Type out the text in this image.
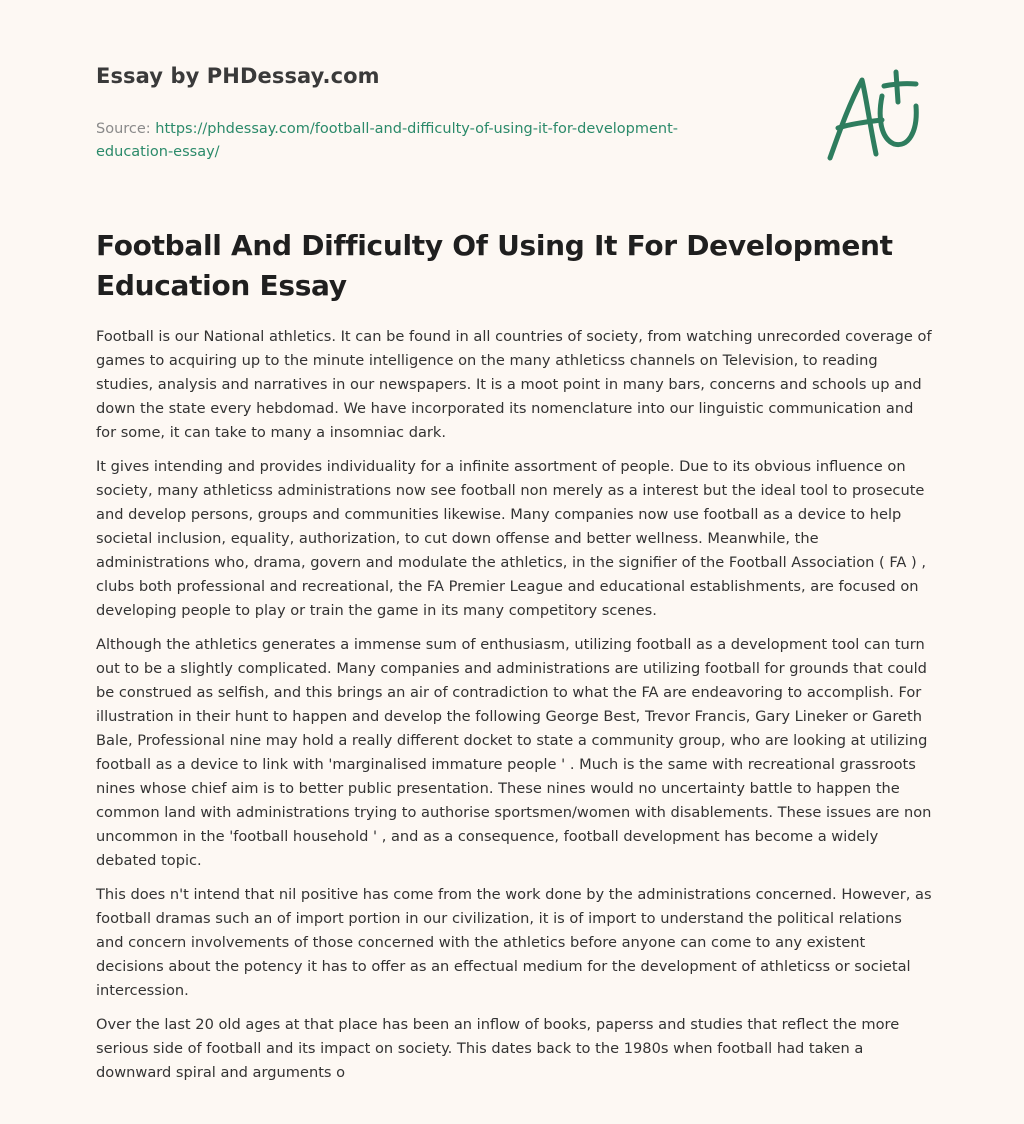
Essay by PHDessay.com
Source: https://phdessay.com/football-and-difficulty-of-using-it-for-development-education-essay/
Football And Difficulty Of Using It For Development Education Essay

Football is our National athletics. It can be found in all countries of society, from watching unrecorded coverage of games to acquiring up to the minute intelligence on the many athleticss channels on Television, to reading studies, analysis and narratives in our newspapers. It is a moot point in many bars, concerns and schools up and down the state every hebdomad. We have incorporated its nomenclature into our linguistic communication and for some, it can take to many a insomniac dark.

It gives intending and provides individuality for a infinite assortment of people. Due to its obvious influence on society, many athleticss administrations now see football non merely as a interest but the ideal tool to prosecute and develop persons, groups and communities likewise. Many companies now use football as a device to help societal inclusion, equality, authorization, to cut down offense and better wellness. Meanwhile, the administrations who, drama, govern and modulate the athletics, in the signifier of the Football Association ( FA ) , clubs both professional and recreational, the FA Premier League and educational establishments, are focused on developing people to play or train the game in its many competitory scenes.

Although the athletics generates a immense sum of enthusiasm, utilizing football as a development tool can turn out to be a slightly complicated. Many companies and administrations are utilizing football for grounds that could be construed as selfish, and this brings an air of contradiction to what the FA are endeavoring to accomplish. For illustration in their hunt to happen and develop the following George Best, Trevor Francis, Gary Lineker or Gareth Bale, Professional nine may hold a really different docket to state a community group, who are looking at utilizing football as a device to link with 'marginalised immature people ' . Much is the same with recreational grassroots nines whose chief aim is to better public presentation. These nines would no uncertainty battle to happen the common land with administrations trying to authorise sportsmen/women with disablements. These issues are non uncommon in the 'football household ' , and as a consequence, football development has become a widely debated topic.

This does n't intend that nil positive has come from the work done by the administrations concerned. However, as football dramas such an of import portion in our civilization, it is of import to understand the political relations and concern involvements of those concerned with the athletics before anyone can come to any existent decisions about the potency it has to offer as an effectual medium for the development of athleticss or societal intercession.

Over the last 20 old ages at that place has been an inflow of books, paperss and studies that reflect the more serious side of football and its impact on society. This dates back to the 1980s when football had taken a downward spiral and arguments o
